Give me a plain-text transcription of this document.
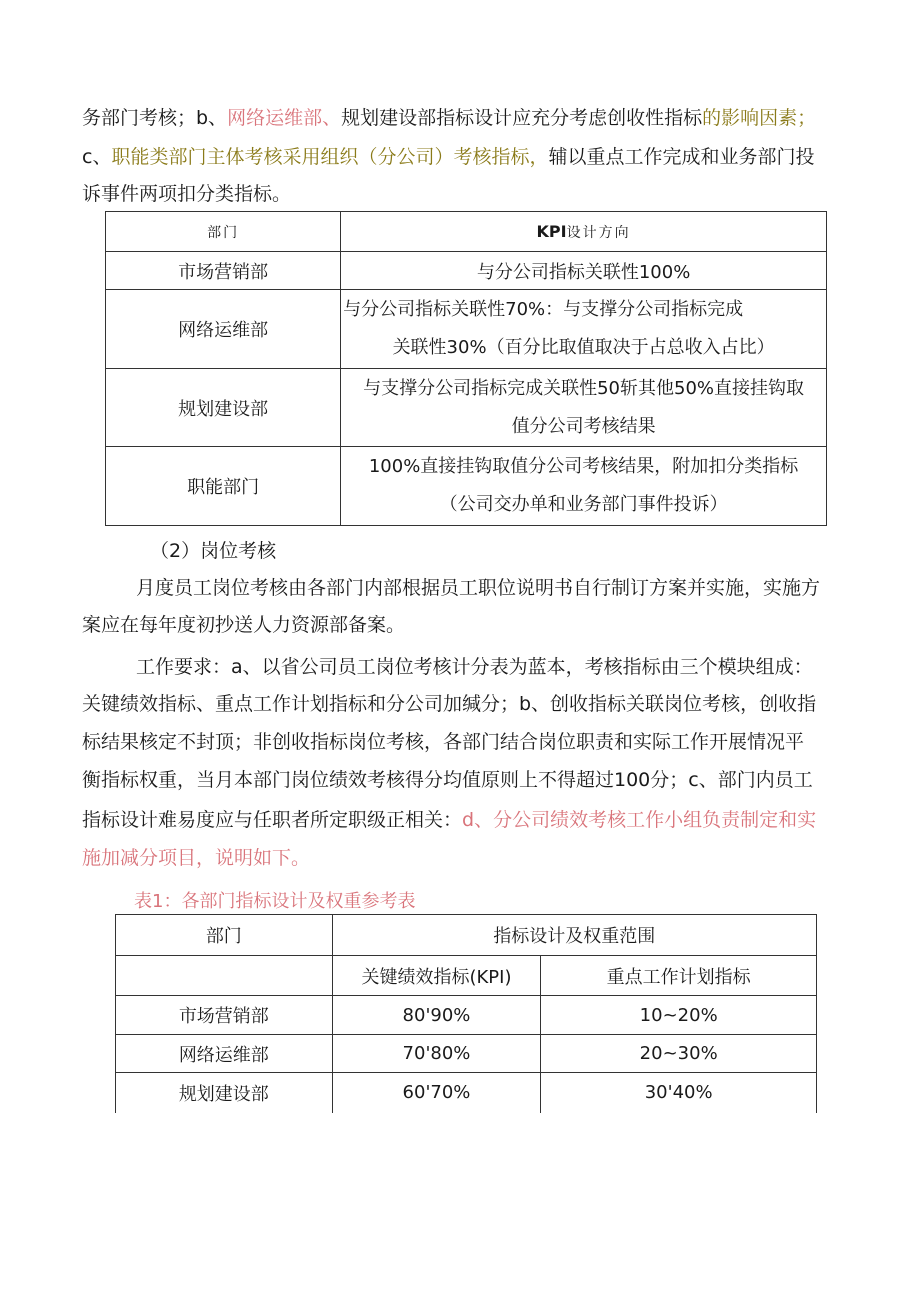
务部门考核；b、网络运维部、规划建设部指标设计应充分考虑创收性指标的影响因素；
c、职能类部门主体考核采用组织（分公司）考核指标，辅以重点工作完成和业务部门投
诉事件两项扣分类指标。
部门	KPI设计方向
市场营销部	与分公司指标关联性100%
网络运维部	与分公司指标关联性70%：与支撑分公司指标完成
关联性30%（百分比取值取决于占总收入占比）

规划建设部	与支撑分公司指标完成关联性50斩其他50%直接挂钩取
值分公司考核结果

职能部门	100%直接挂钩取值分公司考核结果，附加扣分类指标
（公司交办单和业务部门事件投诉）
（2）岗位考核
月度员工岗位考核由各部门内部根据员工职位说明书自行制订方案并实施，实施方
案应在每年度初抄送人力资源部备案。
工作要求：a、以省公司员工岗位考核计分表为蓝本，考核指标由三个模块组成：
关键绩效指标、重点工作计划指标和分公司加缄分；b、创收指标关联岗位考核，创收指
标结果核定不封顶；非创收指标岗位考核，各部门结合岗位职责和实际工作开展情况平
衡指标权重，当月本部门岗位绩效考核得分均值原则上不得超过100分；c、部门内员工
指标设计难易度应与任职者所定职级正相关：d、分公司绩效考核工作小组负责制定和实
施加减分项目，说明如下。
表1：各部门指标设计及权重参考表
部门	指标设计及权重范围	
	关键绩效指标(KPI)	重点工作计划指标
市场营销部	80'90%	10~20%
网络运维部	70'80%	20~30%
规划建设部	60'70%	30'40%
